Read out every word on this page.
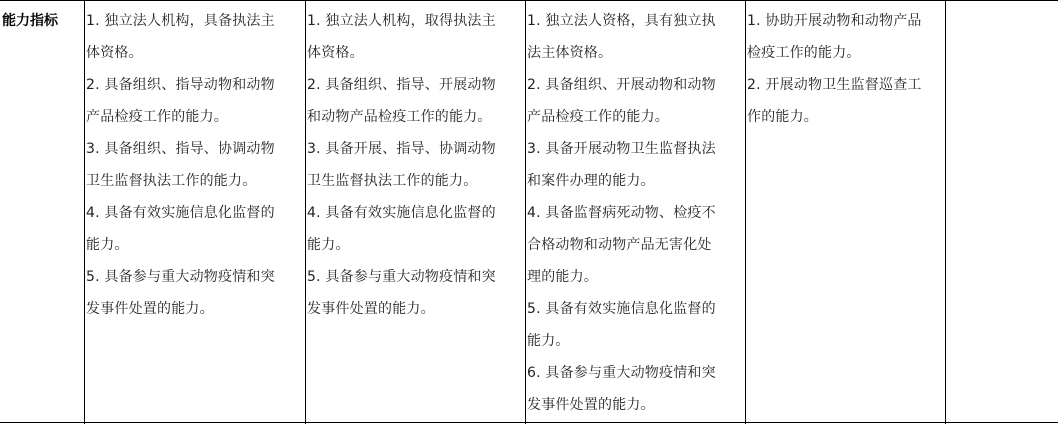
能力指标	1. 独立法人机构，具备执法主

体资格。

2. 具备组织、指导动物和动物

产品检疫工作的能力。

3. 具备组织、指导、协调动物

卫生监督执法工作的能力。

4. 具备有效实施信息化监督的

能力。

5. 具备参与重大动物疫情和突

发事件处置的能力。

1. 独立法人机构，取得执法主

体资格。

2. 具备组织、指导、开展动物

和动物产品检疫工作的能力。

3. 具备开展、指导、协调动物

卫生监督执法工作的能力。

4. 具备有效实施信息化监督的

能力。

5. 具备参与重大动物疫情和突

发事件处置的能力。

1. 独立法人资格，具有独立执

法主体资格。

2. 具备组织、开展动物和动物

产品检疫工作的能力。

3. 具备开展动物卫生监督执法

和案件办理的能力。

4. 具备监督病死动物、检疫不

合格动物和动物产品无害化处

理的能力。

5. 具备有效实施信息化监督的

能力。

6. 具备参与重大动物疫情和突

发事件处置的能力。

1. 协助开展动物和动物产品

检疫工作的能力。

2. 开展动物卫生监督巡查工

作的能力。
